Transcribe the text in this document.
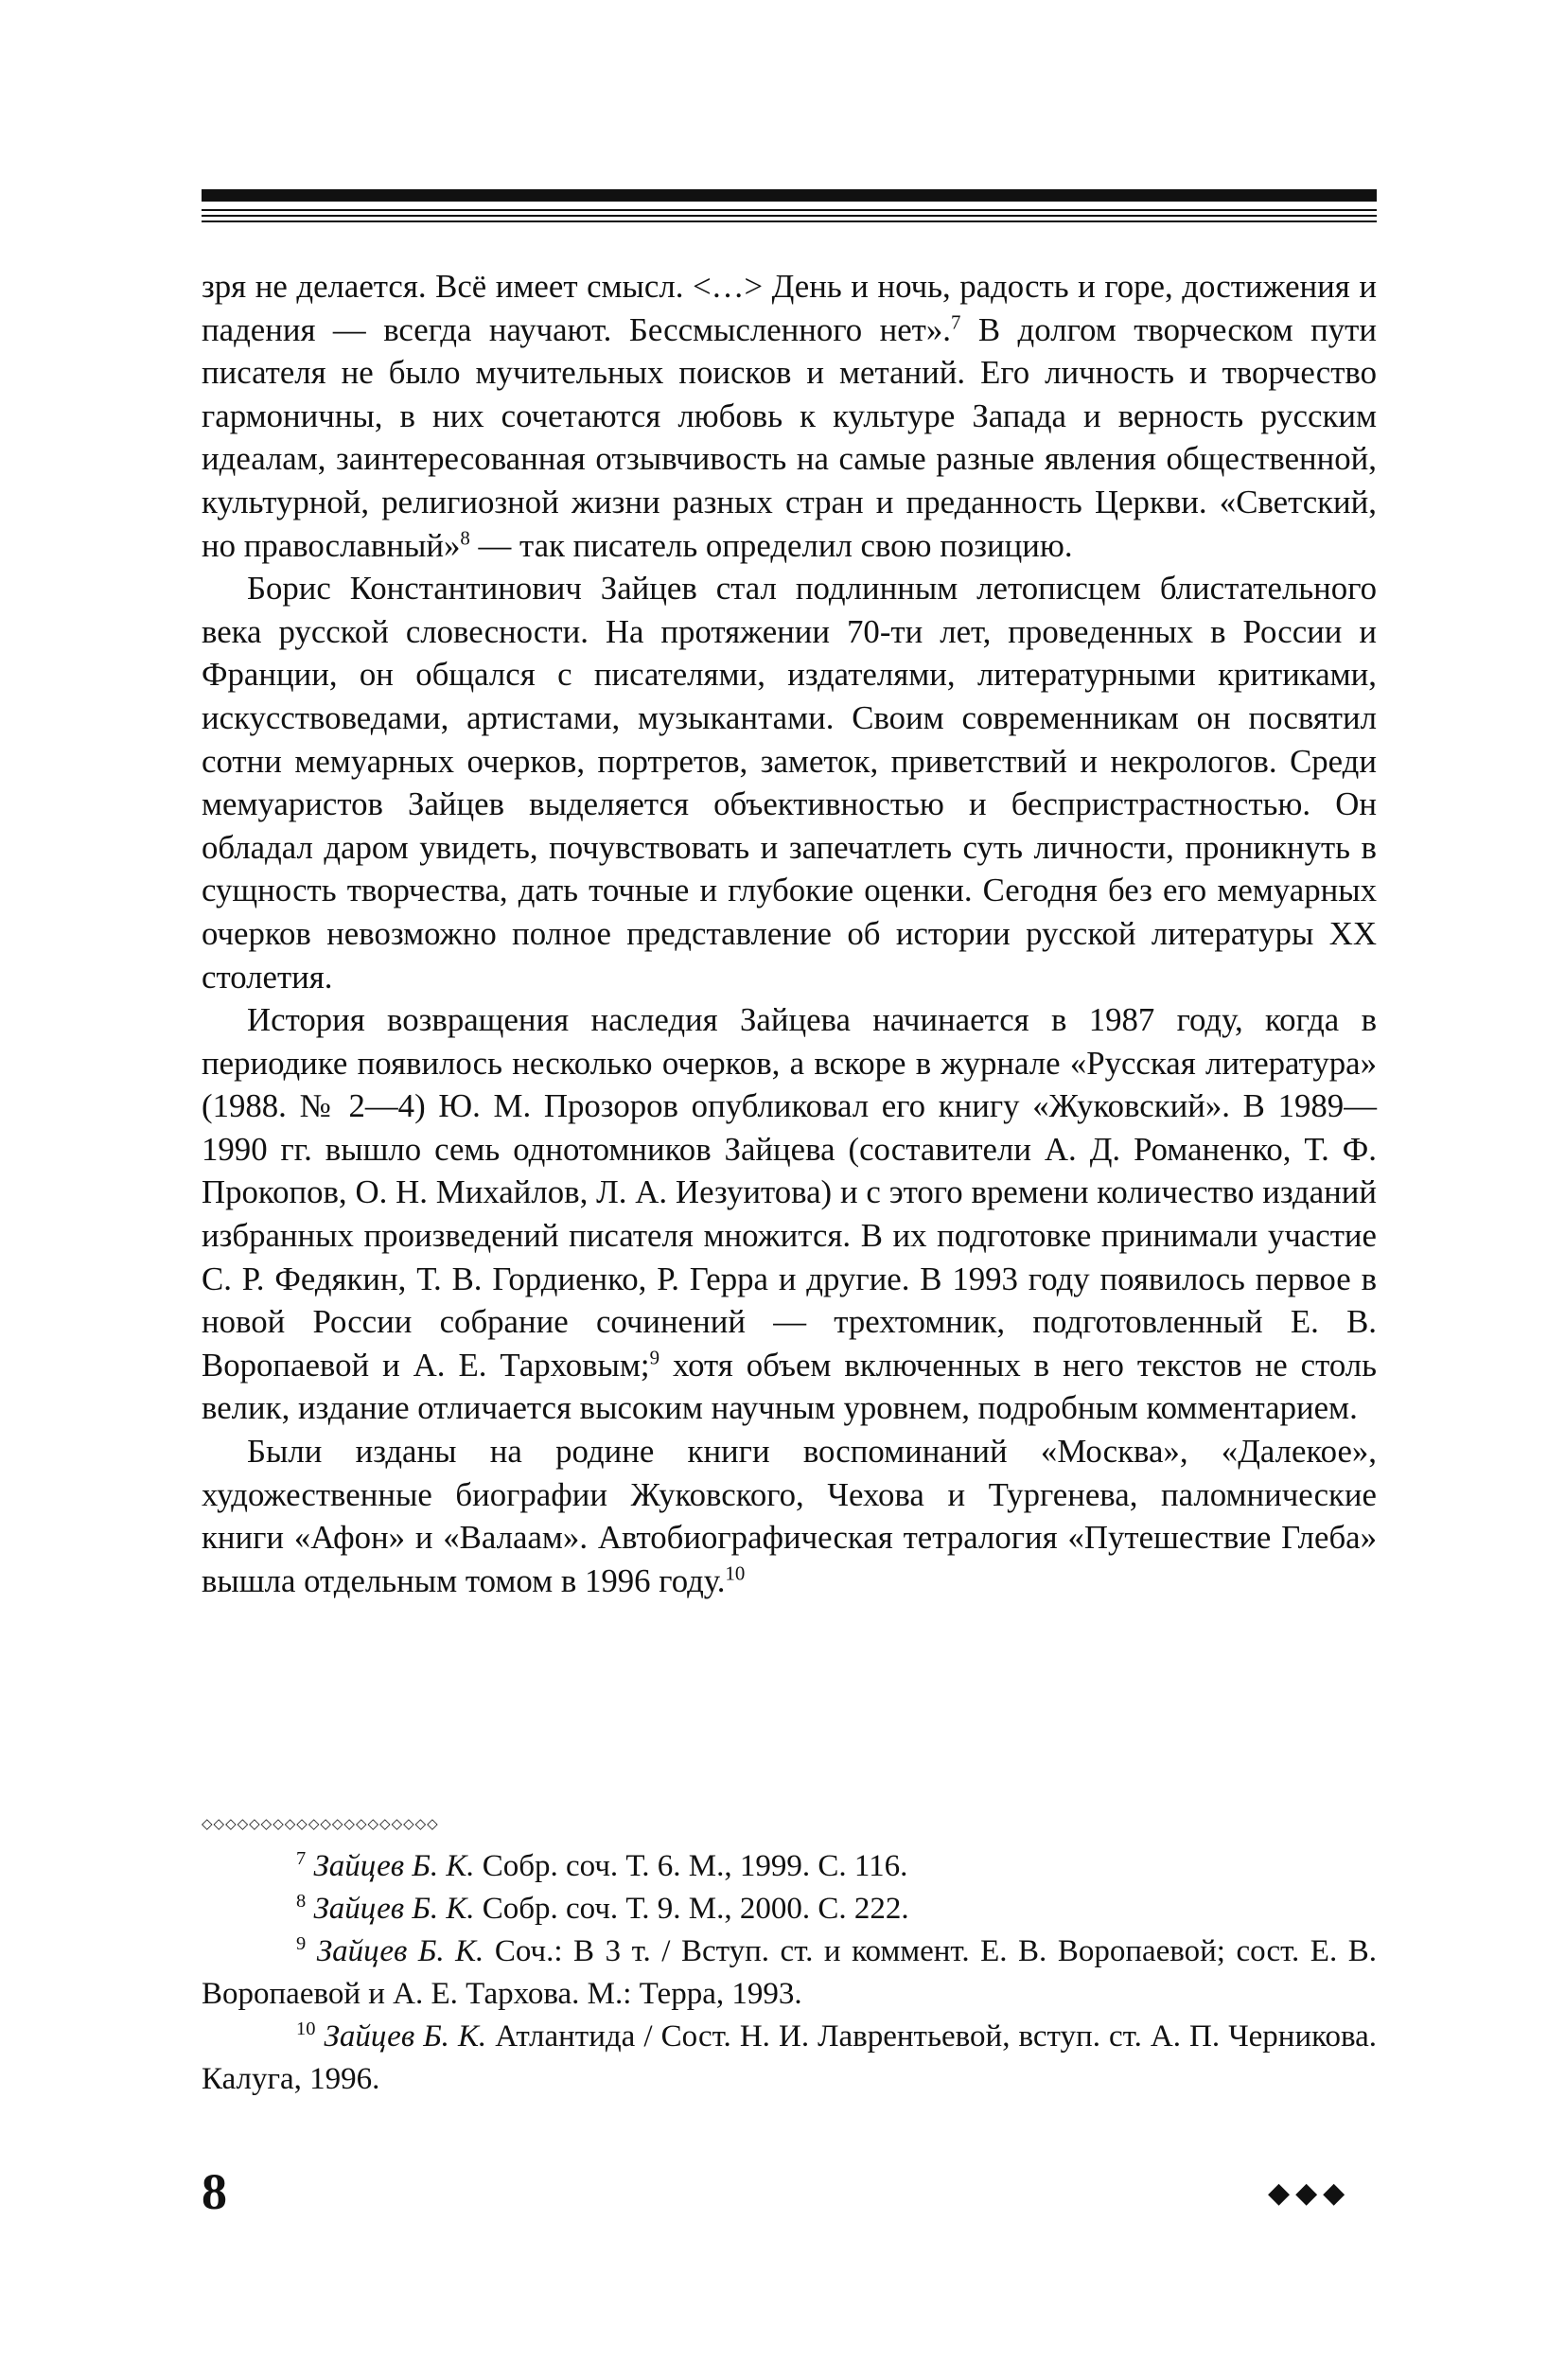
зря не делается. Всё имеет смысл. <…> День и ночь, радость и горе, достижения и падения — всегда научают. Бессмысленного нет».$^7$ В долгом творческом пути писателя не было мучительных поисков и метаний. Его личность и творчество гармоничны, в них сочетаются любовь к культуре Запада и верность русским идеалам, заинтересованная отзывчивость на самые разные явления общественной, культурной, религиозной жизни разных стран и преданность Церкви. «Светский, но православный»$^8$ — так писатель определил свою позицию.

Борис Константинович Зайцев стал подлинным летописцем блистательного века русской словесности. На протяжении 70-ти лет, проведенных в России и Франции, он общался с писателями, издателями, литературными критиками, искусствоведами, артистами, музыкантами. Своим современникам он посвятил сотни мемуарных очерков, портретов, заметок, приветствий и некрологов. Среди мемуаристов Зайцев выделяется объективностью и беспристрастностью. Он обладал даром увидеть, почувствовать и запечатлеть суть личности, проникнуть в сущность творчества, дать точные и глубокие оценки. Сегодня без его мемуарных очерков невозможно полное представление об истории русской литературы XX столетия.

История возвращения наследия Зайцева начинается в 1987 году, когда в периодике появилось несколько очерков, а вскоре в журнале «Русская литература» (1988. № 2—4) Ю. М. Прозоров опубликовал его книгу «Жуковский». В 1989—1990 гг. вышло семь однотомников Зайцева (составители А. Д. Романенко, Т. Ф. Прокопов, О. Н. Михайлов, Л. А. Иезуитова) и с этого времени количество изданий избранных произведений писателя множится. В их подготовке принимали участие С. Р. Федякин, Т. В. Гордиенко, Р. Герра и другие. В 1993 году появилось первое в новой России собрание сочинений — трехтомник, подготовленный Е. В. Воропаевой и А. Е. Тарховым;$^9$ хотя объем включенных в него текстов не столь велик, издание отличается высоким научным уровнем, подробным комментарием.

Были изданы на родине книги воспоминаний «Москва», «Далекое», художественные биографии Жуковского, Чехова и Тургенева, паломнические книги «Афон» и «Валаам». Автобиографическая тетралогия «Путешествие Глеба» вышла отдельным томом в 1996 году.$^{10}$

◇◇◇◇◇◇◇◇◇◇◇◇◇◇◇◇◇◇◇◇

$^7$ Зайцев Б. К. Собр. соч. Т. 6. М., 1999. С. 116.

$^8$ Зайцев Б. К. Собр. соч. Т. 9. М., 2000. С. 222.

$^9$ Зайцев Б. К. Соч.: В 3 т. / Вступ. ст. и коммент. Е. В. Воропаевой; сост. Е. В. Воропаевой и А. Е. Тархова. М.: Терра, 1993.

$^{10}$ Зайцев Б. К. Атлантида / Сост. Н. И. Лаврентьевой, вступ. ст. А. П. Черникова. Калуга, 1996.

8	◆◆◆
